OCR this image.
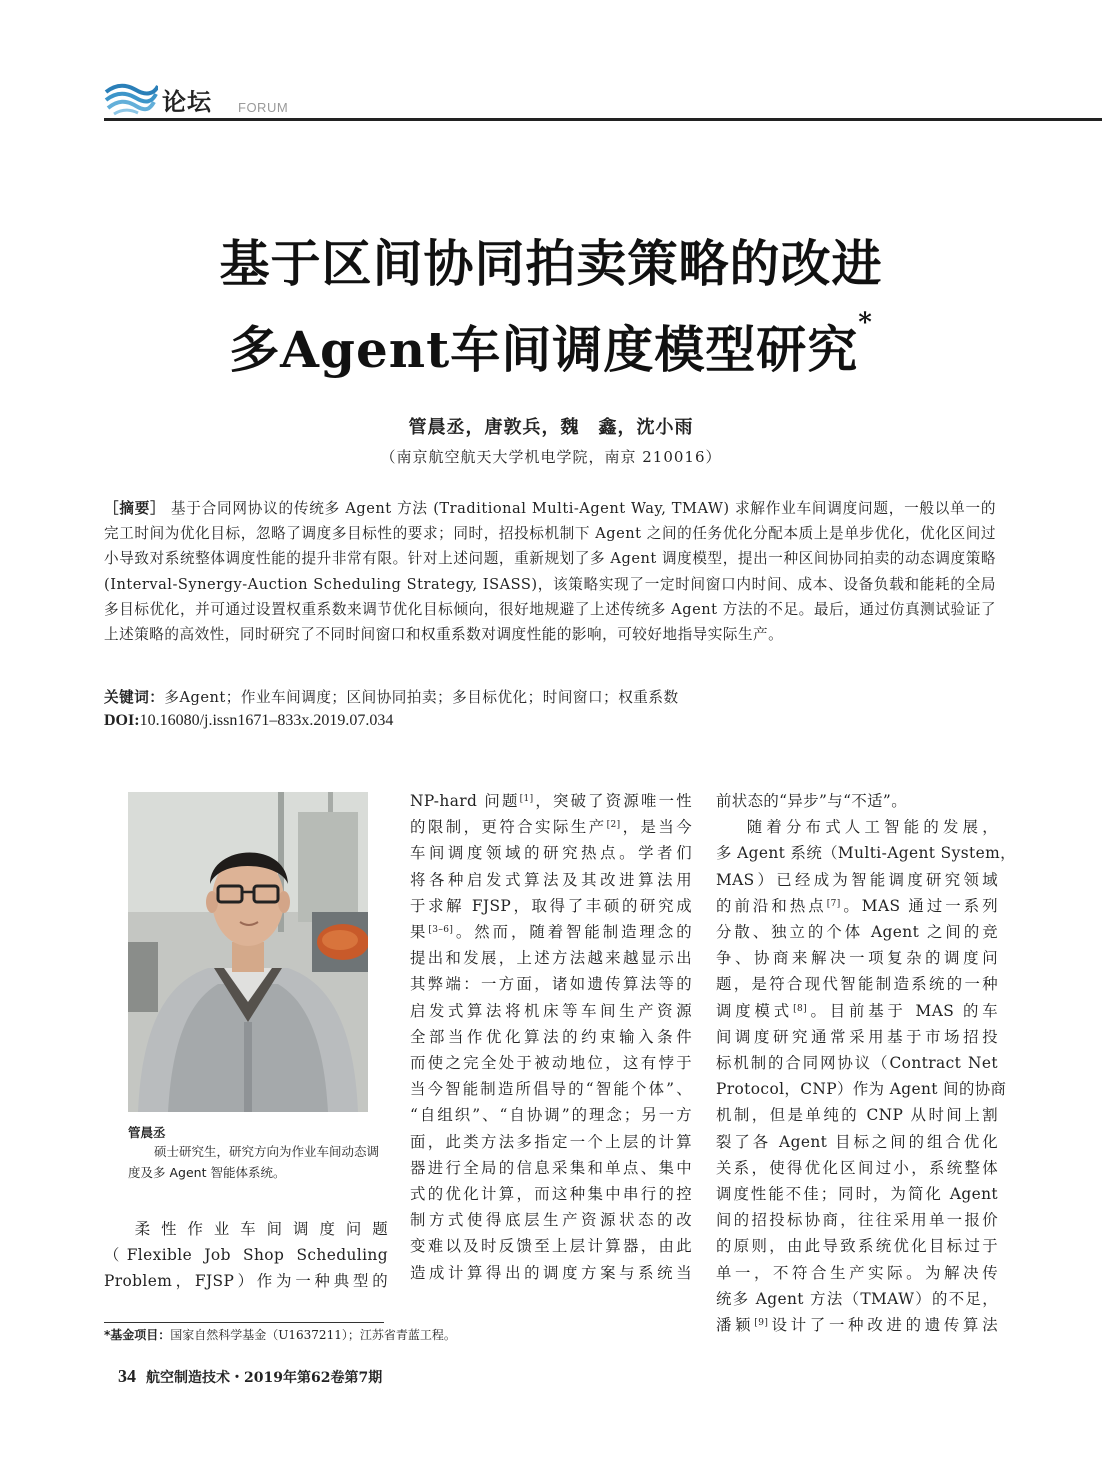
论坛 FORUM
基于区间协同拍卖策略的改进
多Agent车间调度模型研究*
管晨丞，唐敦兵，魏　鑫，沈小雨
（南京航空航天大学机电学院，南京 210016）
［摘要］ 基于合同网协议的传统多 Agent 方法 (Traditional Multi-Agent Way, TMAW) 求解作业车间调度问题，一般以单一的完工时间为优化目标，忽略了调度多目标性的要求；同时，招投标机制下 Agent 之间的任务优化分配本质上是单步优化，优化区间过小导致对系统整体调度性能的提升非常有限。针对上述问题，重新规划了多 Agent 调度模型，提出一种区间协同拍卖的动态调度策略 (Interval-Synergy-Auction Scheduling Strategy, ISASS)，该策略实现了一定时间窗口内时间、成本、设备负载和能耗的全局多目标优化，并可通过设置权重系数来调节优化目标倾向，很好地规避了上述传统多 Agent 方法的不足。最后，通过仿真测试验证了上述策略的高效性，同时研究了不同时间窗口和权重系数对调度性能的影响，可较好地指导实际生产。
关键词：多Agent；作业车间调度；区间协同拍卖；多目标优化；时间窗口；权重系数
DOI:10.16080/j.issn1671–833x.2019.07.034
管晨丞
硕士研究生，研究方向为作业车间动态调度及多 Agent 智能体系统。
柔性作业车间调度问题
（Flexible Job Shop Scheduling
Problem，FJSP）作为一种典型的
NP-hard 问题[1]，突破了资源唯一性
的限制，更符合实际生产[2]，是当今
车间调度领域的研究热点。学者们
将各种启发式算法及其改进算法用
于求解 FJSP，取得了丰硕的研究成
果[3–6]。然而，随着智能制造理念的
提出和发展，上述方法越来越显示出
其弊端：一方面，诸如遗传算法等的
启发式算法将机床等车间生产资源
全部当作优化算法的约束输入条件
而使之完全处于被动地位，这有悖于
当今智能制造所倡导的“智能个体”、
“自组织”、“自协调”的理念；另一方
面，此类方法多指定一个上层的计算
器进行全局的信息采集和单点、集中
式的优化计算，而这种集中串行的控
制方式使得底层生产资源状态的改
变难以及时反馈至上层计算器，由此
造成计算得出的调度方案与系统当
前状态的“异步”与“不适”。
随着分布式人工智能的发展，
多 Agent 系统（Multi-Agent System，
MAS）已经成为智能调度研究领域
的前沿和热点[7]。MAS 通过一系列
分散、独立的个体 Agent 之间的竞
争、协商来解决一项复杂的调度问
题，是符合现代智能制造系统的一种
调度模式[8]。目前基于 MAS 的车
间调度研究通常采用基于市场招投
标机制的合同网协议（Contract Net
Protocol，CNP）作为 Agent 间的协商
机制，但是单纯的 CNP 从时间上割
裂了各 Agent 目标之间的组合优化
关系，使得优化区间过小，系统整体
调度性能不佳；同时，为简化 Agent
间的招投标协商，往往采用单一报价
的原则，由此导致系统优化目标过于
单一，不符合生产实际。为解决传
统多 Agent 方法（TMAW）的不足，
潘颖[9]设计了一种改进的遗传算法
*基金项目：国家自然科学基金（U1637211）；江苏省青蓝工程。
34 航空制造技术・2019年第62卷第7期
